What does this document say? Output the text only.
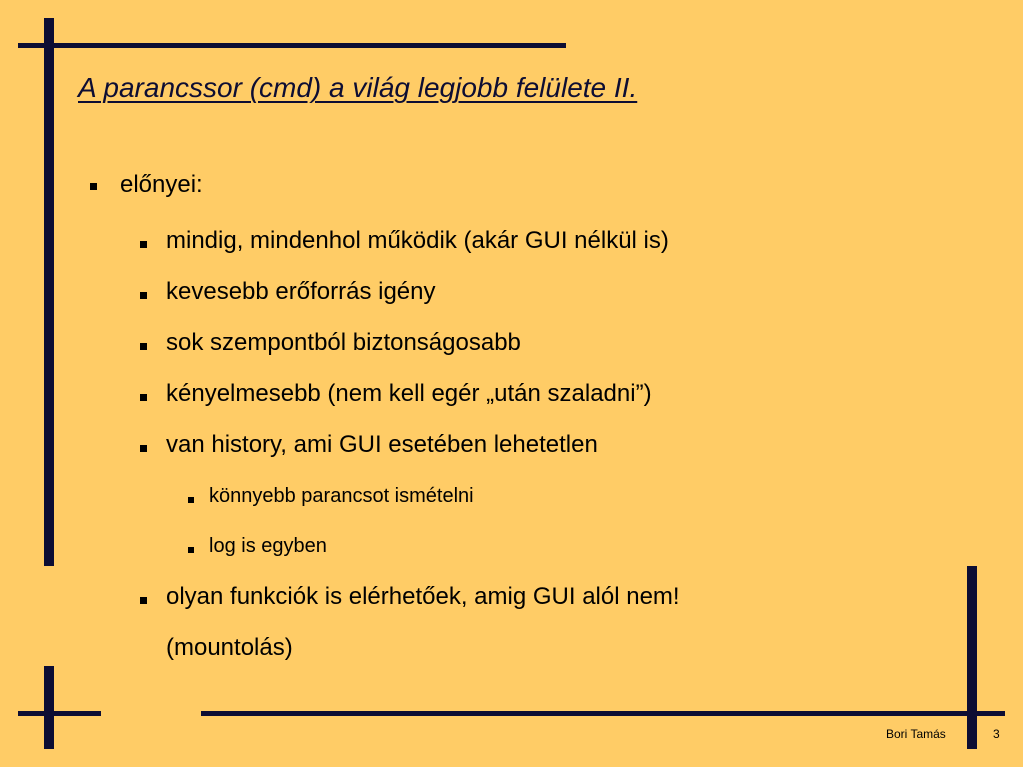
A parancssor (cmd) a világ legjobb felülete II.
előnyei:
mindig, mindenhol működik (akár GUI nélkül is)
kevesebb erőforrás igény
sok szempontból biztonságosabb
kényelmesebb (nem kell egér „után szaladni”)
van history, ami GUI esetében lehetetlen
könnyebb parancsot ismételni
log is egyben
olyan funkciók is elérhetőek, amig GUI alól nem!
(mountolás)
Bori Tamás	3
